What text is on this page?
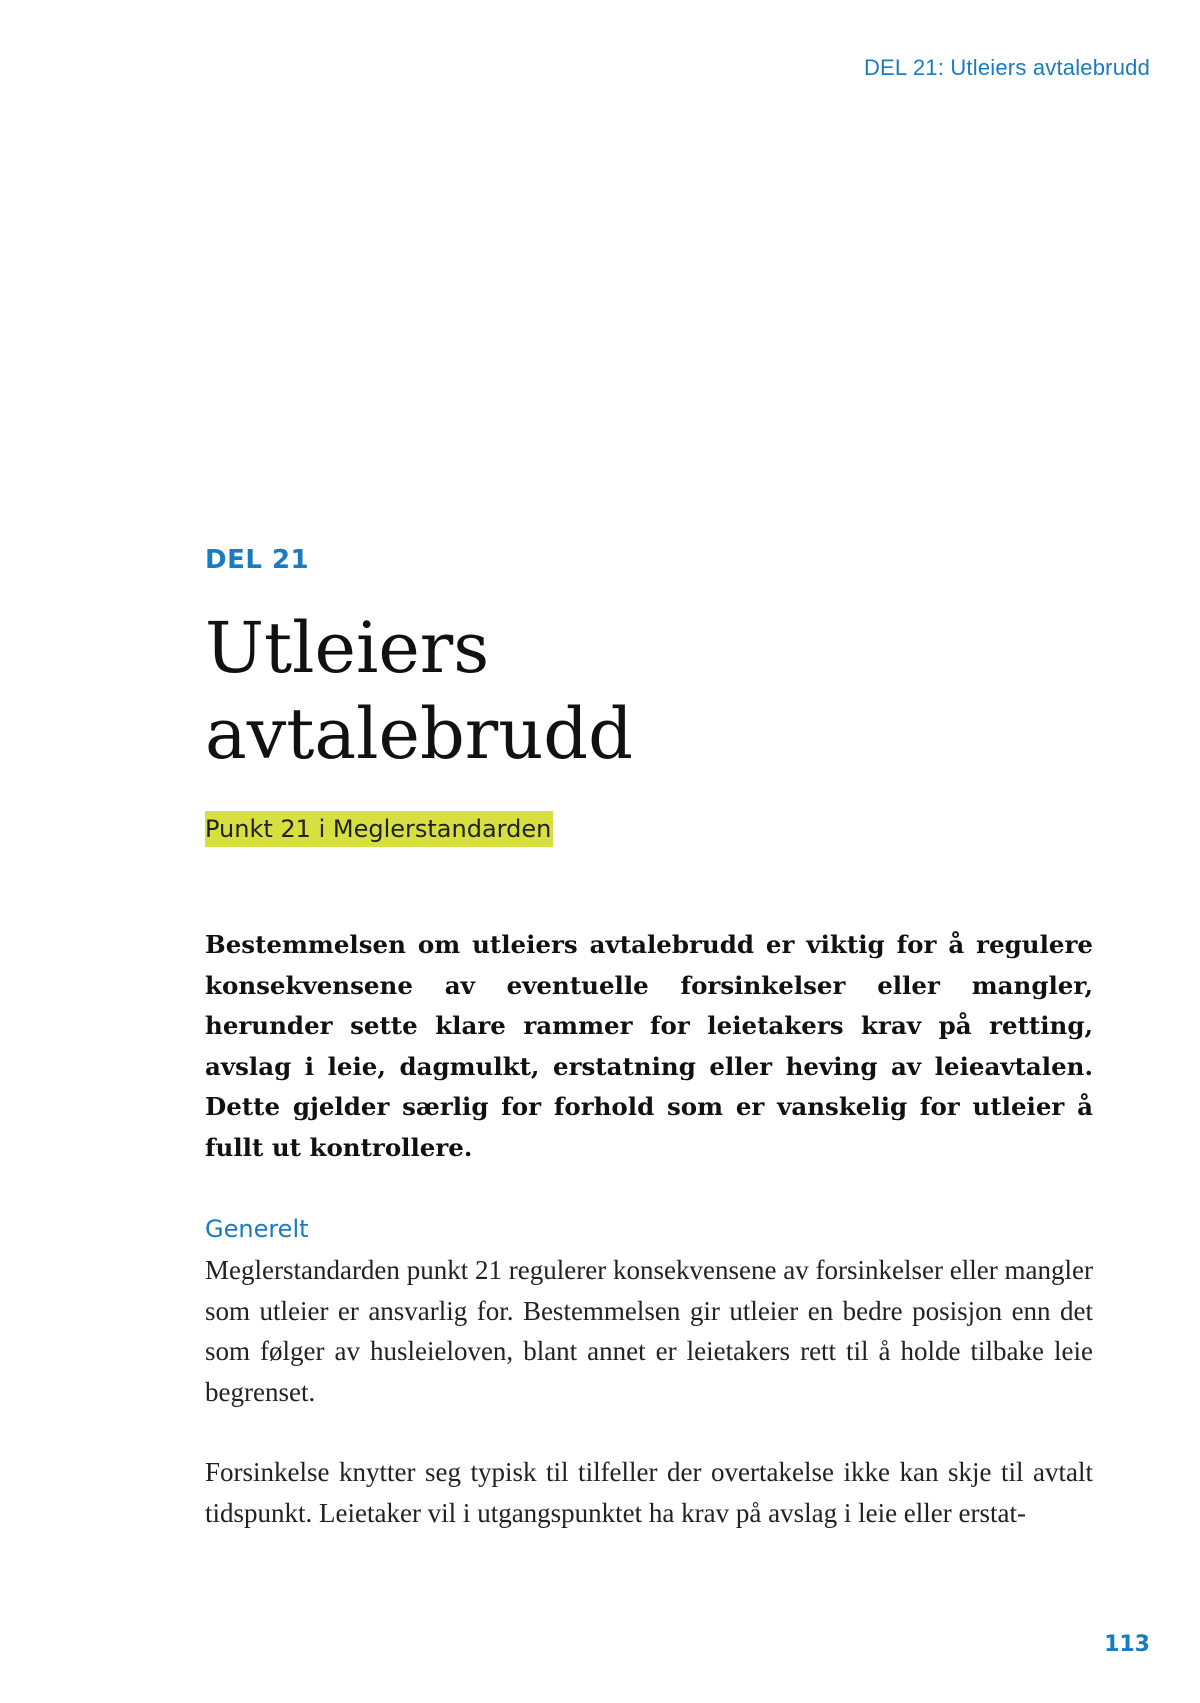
DEL 21: Utleiers avtalebrudd

DEL 21

Utleiers
avtalebrudd
Punkt 21 i Meglerstandarden

Bestemmelsen om utleiers avtalebrudd er viktig for å regulere konsekvensene av eventuelle forsinkelser eller mangler, herunder sette klare rammer for leietakers krav på retting, avslag i leie, dagmulkt, erstatning eller heving av leieavtalen. Dette gjelder særlig for forhold som er vanskelig for utleier å fullt ut kontrollere.

Generelt

Meglerstandarden punkt 21 regulerer konsekvensene av forsinkelser eller mangler som utleier er ansvarlig for. Bestemmelsen gir utleier en bedre posisjon enn det som følger av husleieloven, blant annet er leietakers rett til å holde tilbake leie begrenset.

Forsinkelse knytter seg typisk til tilfeller der overtakelse ikke kan skje til avtalt tidspunkt. Leietaker vil i utgangspunktet ha krav på avslag i leie eller erstat-

113
